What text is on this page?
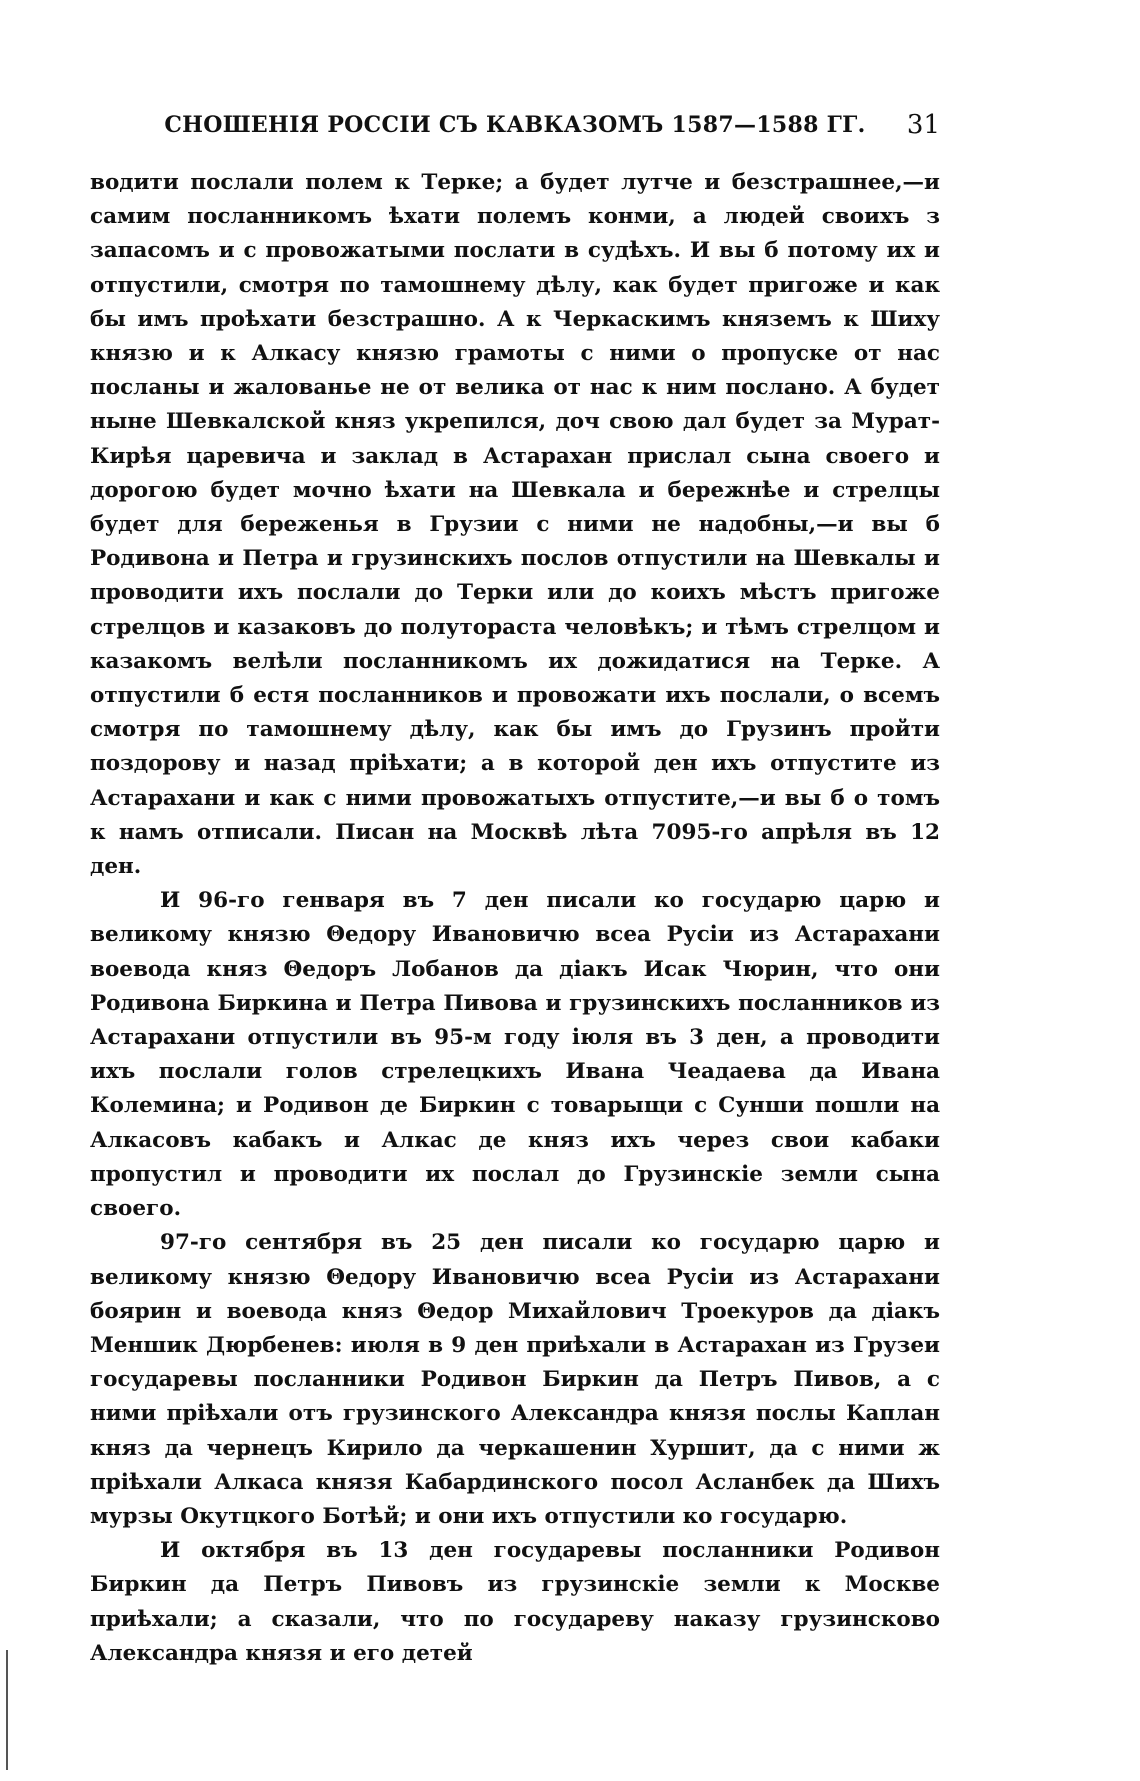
СНОШЕНІЯ РОССІИ СЪ КАВКАЗОМЪ 1587—1588 ГГ.	31

водити послали полем к Терке; а будет лутче и безстрашнее,—и самим посланникомъ ѣхати полемъ конми, а людей своихъ з запасомъ и с провожатыми послати в судѣхъ. И вы б потому их и отпустили, смотря по тамошнему дѣлу, как будет пригоже и как бы имъ проѣхати безстрашно. А к Черкаскимъ княземъ к Шиху князю и к Алкасу князю грамоты с ними о пропуске от нас посланы и жалованье не от велика от нас к ним послано. А будет ныне Шевкалской княз укрепился, доч свою дал будет за Мурат-Кирѣя царевича и заклад в Астарахан прислал сына своего и дорогою будет мочно ѣхати на Шевкала и бережнѣе и стрелцы будет для береженья в Грузии с ними не надобны,—и вы б Родивона и Петра и грузинскихъ послов отпустили на Шевкалы и проводити ихъ послали до Терки или до коихъ мѣстъ пригоже стрелцов и казаковъ до полутораста человѣкъ; и тѣмъ стрелцом и казакомъ велѣли посланникомъ их дожидатися на Терке. А отпустили б естя посланников и провожати ихъ послали, о всемъ смотря по тамошнему дѣлу, как бы имъ до Грузинъ пройти поздорову и назад пріѣхати; а в которой ден ихъ отпустите из Астарахани и как с ними провожатыхъ отпустите,—и вы б о томъ к намъ отписали. Писан на Москвѣ лѣта 7095-го апрѣля въ 12 ден.

И 96-го генваря въ 7 ден писали ко государю царю и великому князю Θедору Ивановичю всеа Русіи из Астарахани воевода княз Θедоръ Лобанов да діакъ Исак Чюрин, что они Родивона Биркина и Петра Пивова и грузинскихъ посланников из Астарахани отпустили въ 95-м году іюля въ 3 ден, а проводити ихъ послали голов стрелецкихъ Ивана Чеадаева да Ивана Колемина; и Родивон де Биркин с товарыщи с Сунши пошли на Алкасовъ кабакъ и Алкас де княз ихъ через свои кабаки пропустил и проводити их послал до Грузинскіе земли сына своего.

97-го сентября въ 25 ден писали ко государю царю и великому князю Θедору Ивановичю всеа Русіи из Астарахани боярин и воевода княз Θедор Михайлович Троекуров да діакъ Меншик Дюрбенев: июля в 9 ден приѣхали в Астарахан из Грузеи государевы посланники Родивон Биркин да Петръ Пивов, а с ними пріѣхали отъ грузинского Александра князя послы Каплан княз да чернецъ Кирило да черкашенин Хуршит, да с ними ж пріѣхали Алкаса князя Кабардинского посол Асланбек да Шихъ мурзы Окутцкого Ботѣй; и они ихъ отпустили ко государю.

И октября въ 13 ден государевы посланники Родивон Биркин да Петръ Пивовъ из грузинскіе земли к Москве приѣхали; а сказали, что по государеву наказу грузинсково Александра князя и его детей
